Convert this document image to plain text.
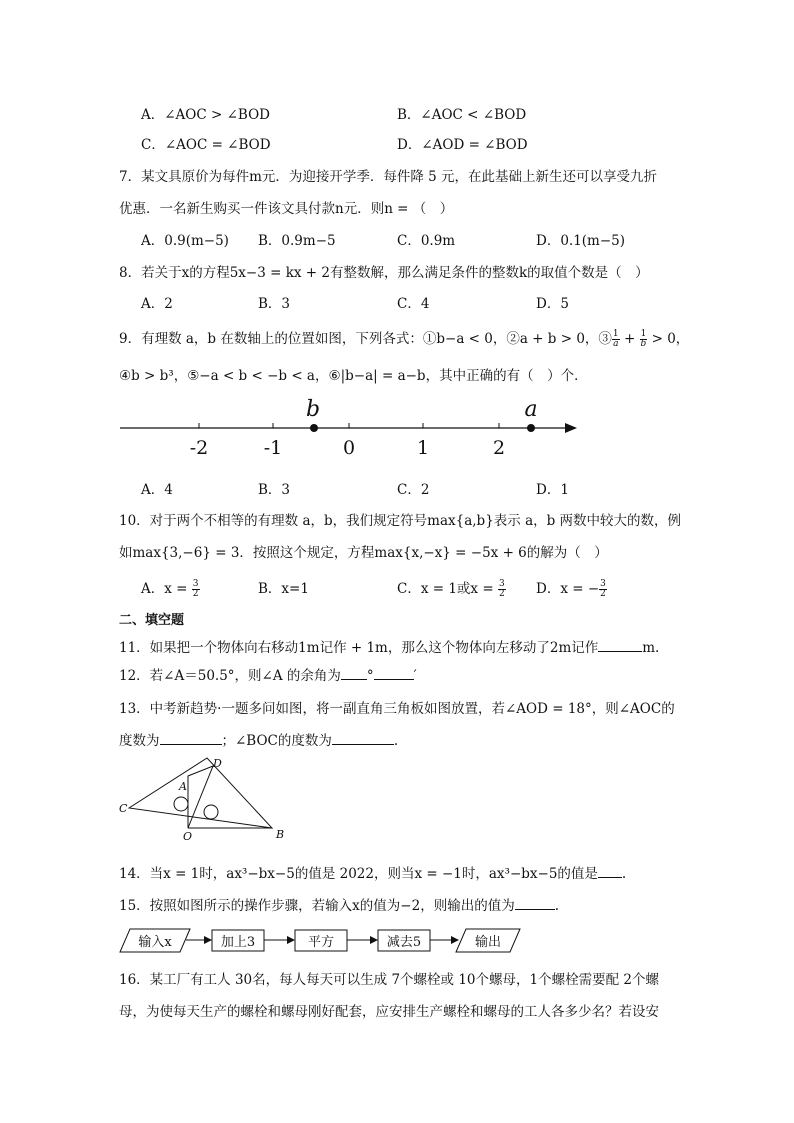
A．∠AOC > ∠BOD	B．∠AOC < ∠BOD
C．∠AOC = ∠BOD	D．∠AOD = ∠BOD
7．某文具原价为每件m元．为迎接开学季．每件降 5 元，在此基础上新生还可以享受九折
优惠．一名新生购买一件该文具付款n元．则n = （　）
A．0.9(m−5) B．0.9m−5	C．0.9m	D．0.1(m−5)
8．若关于x的方程5x−3 = kx + 2有整数解，那么满足条件的整数k的取值个数是（　）
A．2	B．3	C．4	D．5
9．有理数 a，b 在数轴上的位置如图，下列各式：①b−a < 0，②a + b > 0，③ $\frac{1}{a} + \frac{1}{b} > 0$，
④b > b³，⑤−a < b < −b < a，⑥|b−a| = a−b，其中正确的有（　）个．
-2	-1	0	1	2
b	a
A．4	B．3	C．2	D．1
10．对于两个不相等的有理数 a，b，我们规定符号max{a,b}表示 a，b 两数中较大的数，例
如max{3,−6} = 3．按照这个规定，方程max{x,−x} = −5x + 6的解为（　）
A．$x = \frac{3}{2}$	B．x=1	C．x = 1或$x = \frac{3}{2}$ D．x = − $\frac{3}{2}$
二、填空题
11．如果把一个物体向右移动1m记作 + 1m，那么这个物体向左移动了2m记作	m.
12．若∠A＝50.5°，则∠A 的余角为 °	′
13．中考新趋势·一题多问如图，将一副直角三角板如图放置，若∠AOD = 18°，则∠AOC的
度数为	；∠BOC的度数为	.
C
A
D
O	B
14．当x = 1时，ax³−bx−5的值是 2022，则当x = −1时，ax³−bx−5的值是 .
15．按照如图所示的操作步骤，若输入x的值为−2，则输出的值为	.
输入x	加上3	平方	减去5	输出
16．某工厂有工人 30名，每人每天可以生成 7个螺栓或 10个螺母，1个螺栓需要配 2个螺
母，为使每天生产的螺栓和螺母刚好配套，应安排生产螺栓和螺母的工人各多少名？若设安
